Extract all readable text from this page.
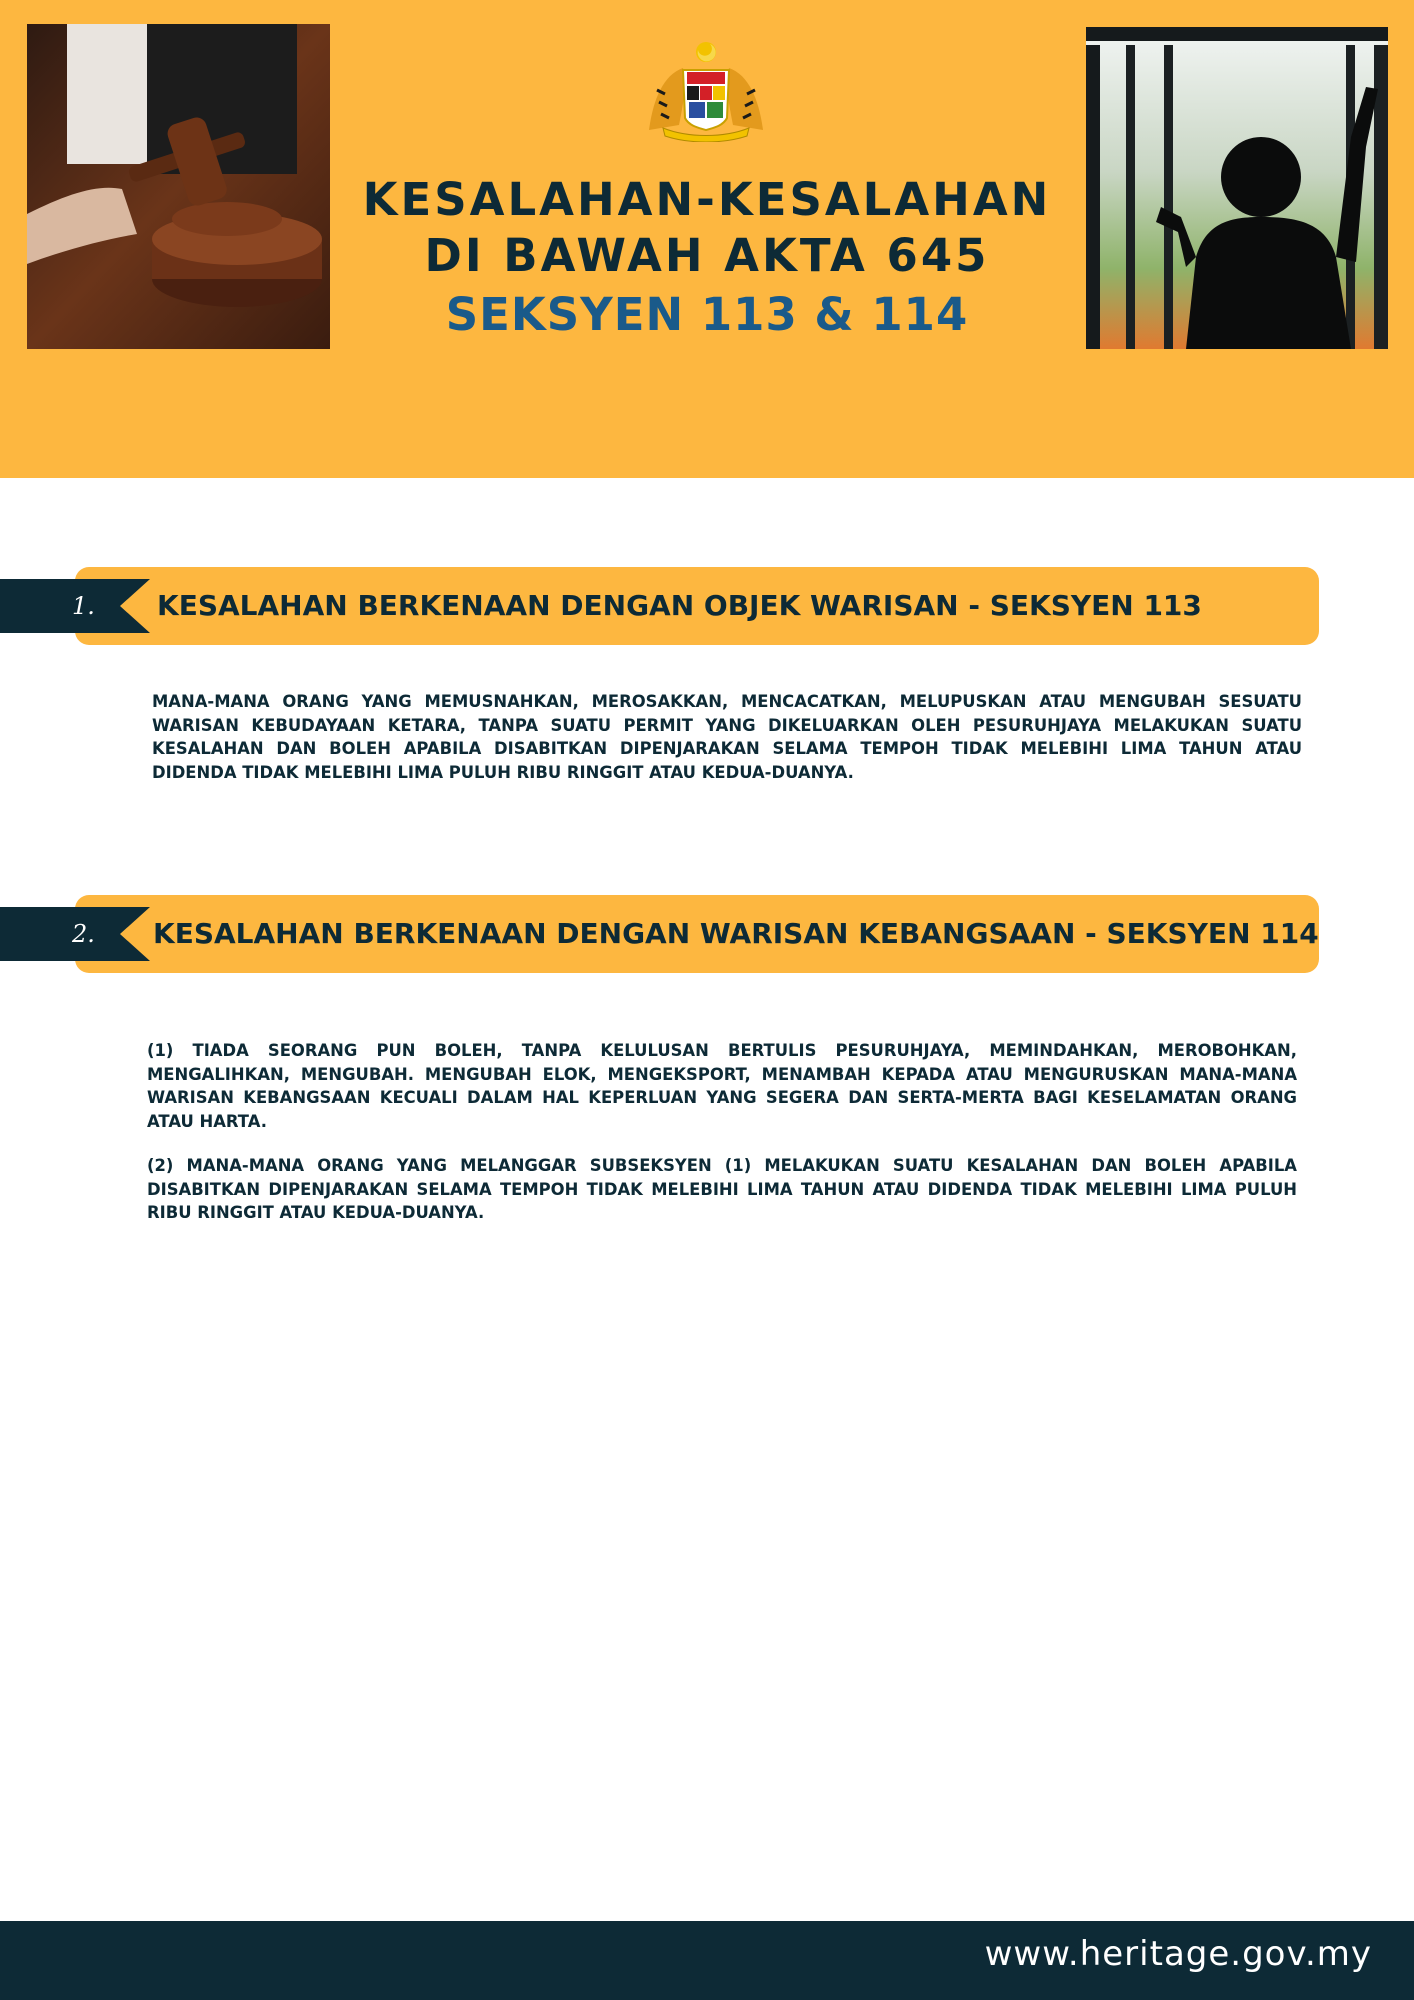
KESALAHAN-KESALAHAN
DI BAWAH AKTA 645
SEKSYEN 113 & 114
KESALAHAN BERKENAAN DENGAN OBJEK WARISAN - SEKSYEN 113
1.
MANA-MANA ORANG YANG MEMUSNAHKAN, MEROSAKKAN, MENCACATKAN, MELUPUSKAN ATAU MENGUBAH SESUATU WARISAN KEBUDAYAAN KETARA, TANPA SUATU PERMIT YANG DIKELUARKAN OLEH PESURUHJAYA MELAKUKAN SUATU KESALAHAN DAN BOLEH APABILA DISABITKAN DIPENJARAKAN SELAMA TEMPOH TIDAK MELEBIHI LIMA TAHUN ATAU DIDENDA TIDAK MELEBIHI LIMA PULUH RIBU RINGGIT ATAU KEDUA-DUANYA.
KESALAHAN BERKENAAN DENGAN WARISAN KEBANGSAAN - SEKSYEN 114
2.
(1) TIADA SEORANG PUN BOLEH, TANPA KELULUSAN BERTULIS PESURUHJAYA, MEMINDAHKAN, MEROBOHKAN, MENGALIHKAN, MENGUBAH. MENGUBAH ELOK, MENGEKSPORT, MENAMBAH KEPADA ATAU MENGURUSKAN MANA-MANA WARISAN KEBANGSAAN KECUALI DALAM HAL KEPERLUAN YANG SEGERA DAN SERTA-MERTA BAGI KESELAMATAN ORANG ATAU HARTA.
(2) MANA-MANA ORANG YANG MELANGGAR SUBSEKSYEN (1) MELAKUKAN SUATU KESALAHAN DAN BOLEH APABILA DISABITKAN DIPENJARAKAN SELAMA TEMPOH TIDAK MELEBIHI LIMA TAHUN ATAU DIDENDA TIDAK MELEBIHI LIMA PULUH RIBU RINGGIT ATAU KEDUA-DUANYA.
www.heritage.gov.my
